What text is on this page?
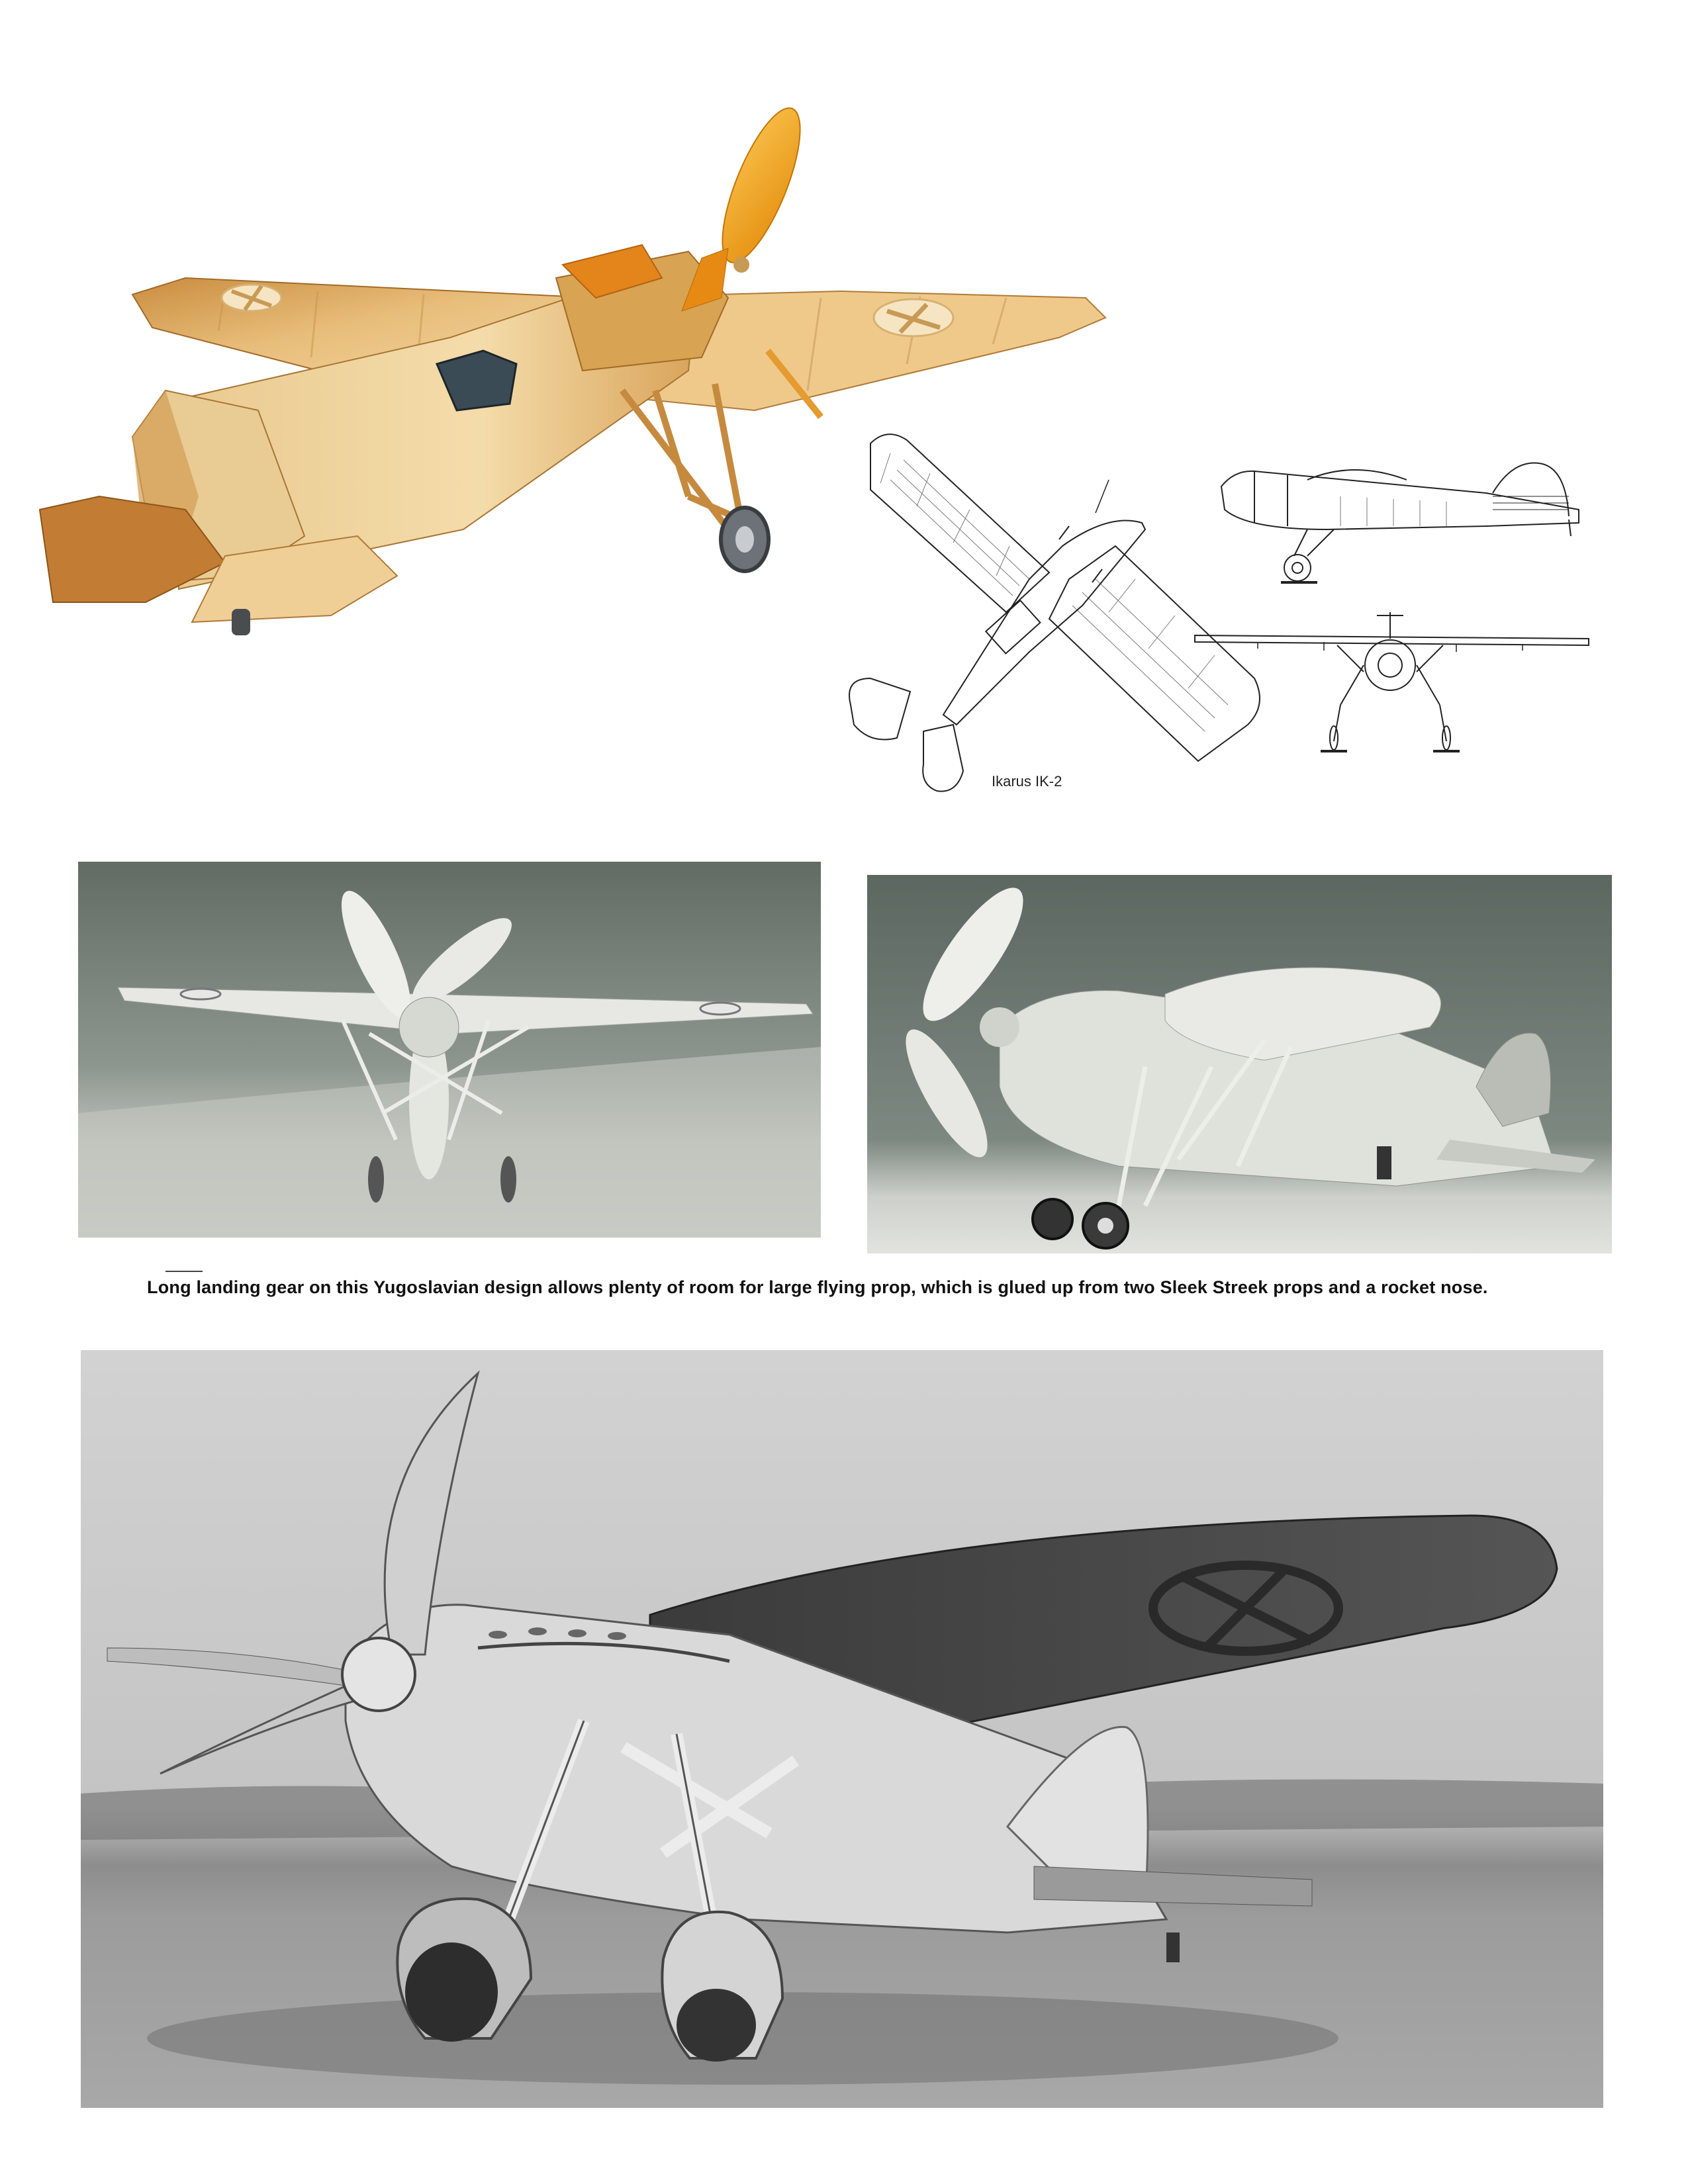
Ikarus IK-2
Long landing gear on this Yugoslavian design allows plenty of room for large flying prop, which is glued up from two Sleek Streek props and a rocket nose.
